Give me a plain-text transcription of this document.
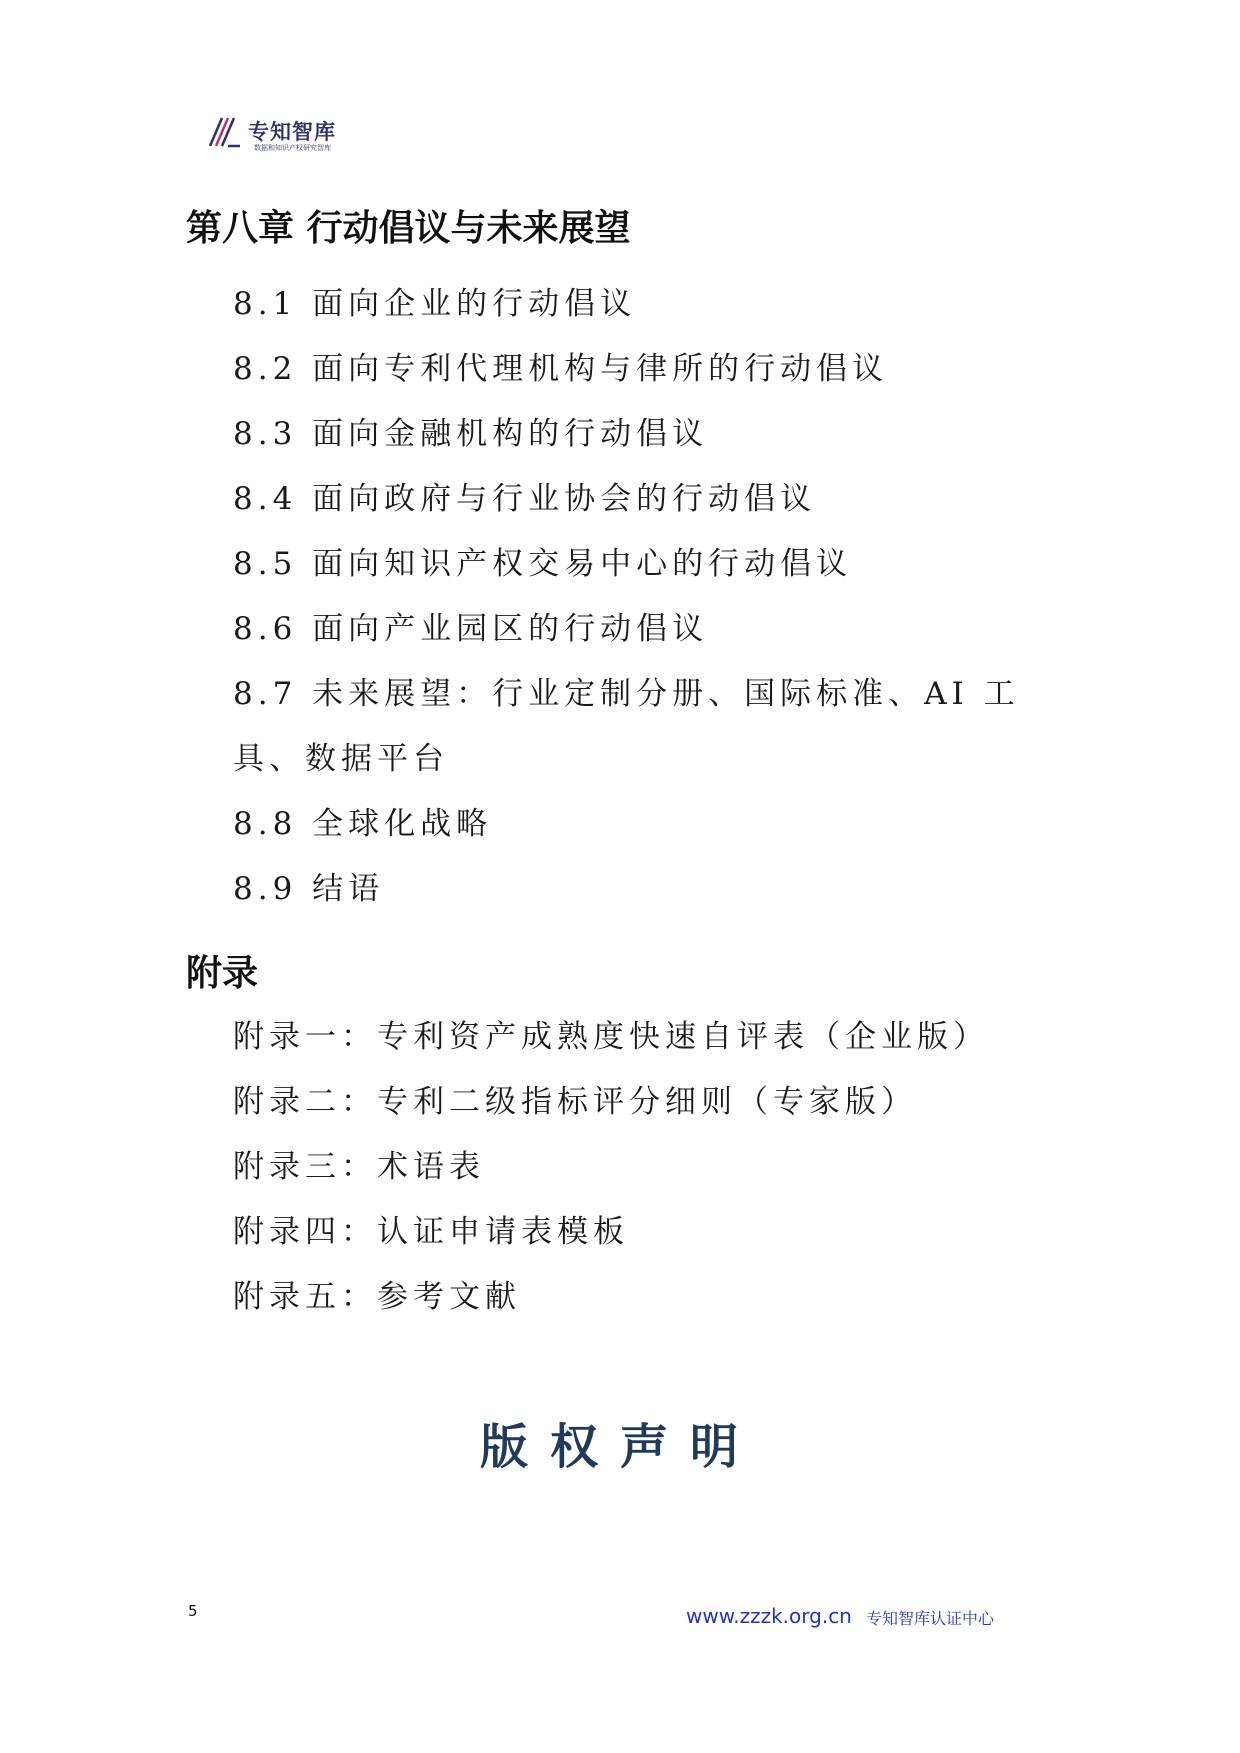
专知智库
数据和知识产权研究智库
第八章 行动倡议与未来展望
8.1 面向企业的行动倡议
8.2 面向专利代理机构与律所的行动倡议
8.3 面向金融机构的行动倡议
8.4 面向政府与行业协会的行动倡议
8.5 面向知识产权交易中心的行动倡议
8.6 面向产业园区的行动倡议
8.7 未来展望：行业定制分册、国际标准、AI 工具、数据平台
8.8 全球化战略
8.9 结语
附录
附录一：专利资产成熟度快速自评表（企业版）
附录二：专利二级指标评分细则（专家版）
附录三：术语表
附录四：认证申请表模板
附录五：参考文献
版权声明
5	www.zzzk.org.cn 专知智库认证中心
